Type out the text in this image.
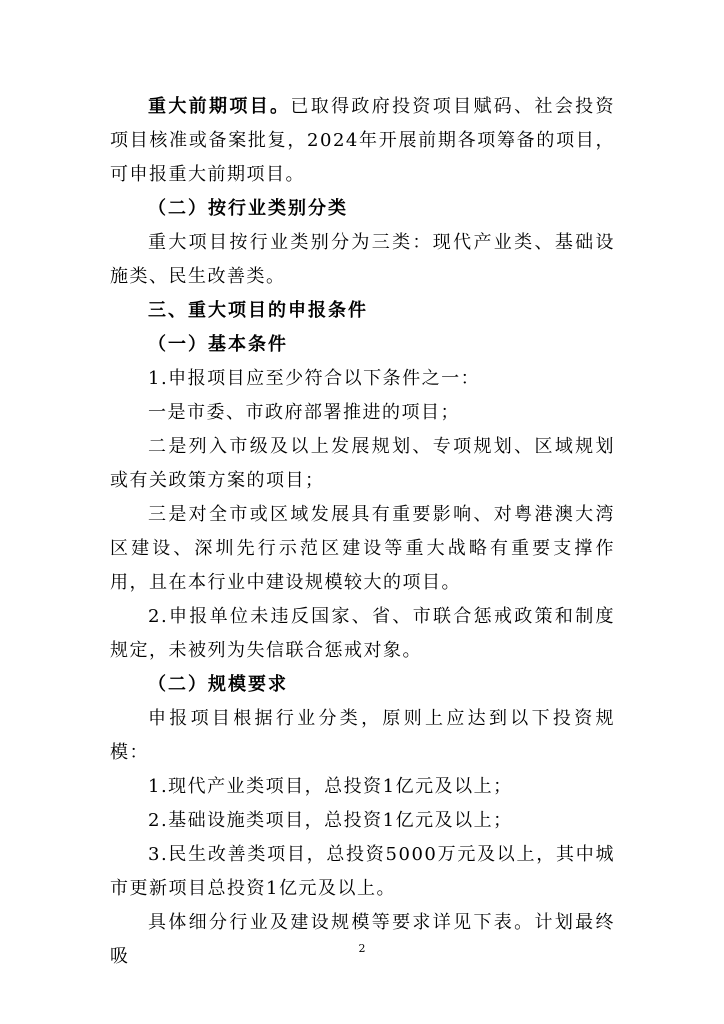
重大前期项目。已取得政府投资项目赋码、社会投资项目核准或备案批复，2024年开展前期各项筹备的项目，可申报重大前期项目。

（二）按行业类别分类

重大项目按行业类别分为三类：现代产业类、基础设施类、民生改善类。

三、重大项目的申报条件

（一）基本条件

1.申报项目应至少符合以下条件之一：

一是市委、市政府部署推进的项目；

二是列入市级及以上发展规划、专项规划、区域规划或有关政策方案的项目；

三是对全市或区域发展具有重要影响、对粤港澳大湾区建设、深圳先行示范区建设等重大战略有重要支撑作用，且在本行业中建设规模较大的项目。

2.申报单位未违反国家、省、市联合惩戒政策和制度规定，未被列为失信联合惩戒对象。

（二）规模要求

申报项目根据行业分类，原则上应达到以下投资规模：

1.现代产业类项目，总投资1亿元及以上；

2.基础设施类项目，总投资1亿元及以上；

3.民生改善类项目，总投资5000万元及以上，其中城市更新项目总投资1亿元及以上。

具体细分行业及建设规模等要求详见下表。计划最终吸	2
